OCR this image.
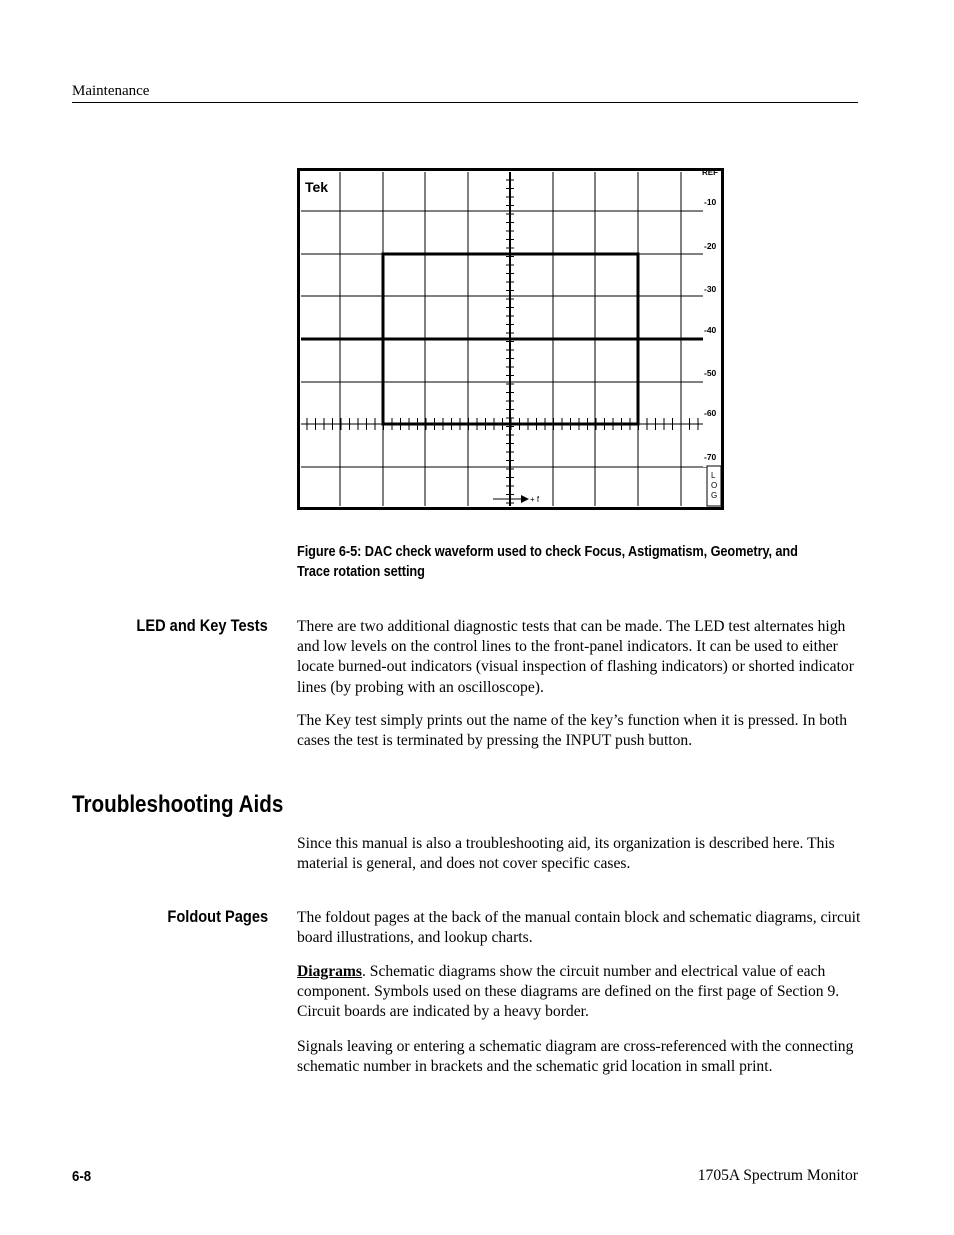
Maintenance
Tek
REF
-10
-20
-30
-40
-50
-60
-70
L
O
G
+ f
Figure 6-5: DAC check waveform used to check Focus, Astigmatism, Geometry, and Trace rotation setting
LED and Key Tests There are two additional diagnostic tests that can be made. The LED test alternates high and low levels on the control lines to the front-panel indicators. It can be used to either locate burned-out indicators (visual inspection of flashing indicators) or shorted indicator lines (by probing with an oscilloscope).
The Key test simply prints out the name of the key’s function when it is pressed. In both cases the test is terminated by pressing the INPUT push button.
Troubleshooting Aids
Since this manual is also a troubleshooting aid, its organization is described here. This material is general, and does not cover specific cases.
Foldout Pages The foldout pages at the back of the manual contain block and schematic diagrams, circuit board illustrations, and lookup charts.
Diagrams. Schematic diagrams show the circuit number and electrical value of each component. Symbols used on these diagrams are defined on the first page of Section 9. Circuit boards are indicated by a heavy border.
Signals leaving or entering a schematic diagram are cross-referenced with the connecting schematic number in brackets and the schematic grid location in small print.
6-8	1705A Spectrum Monitor
